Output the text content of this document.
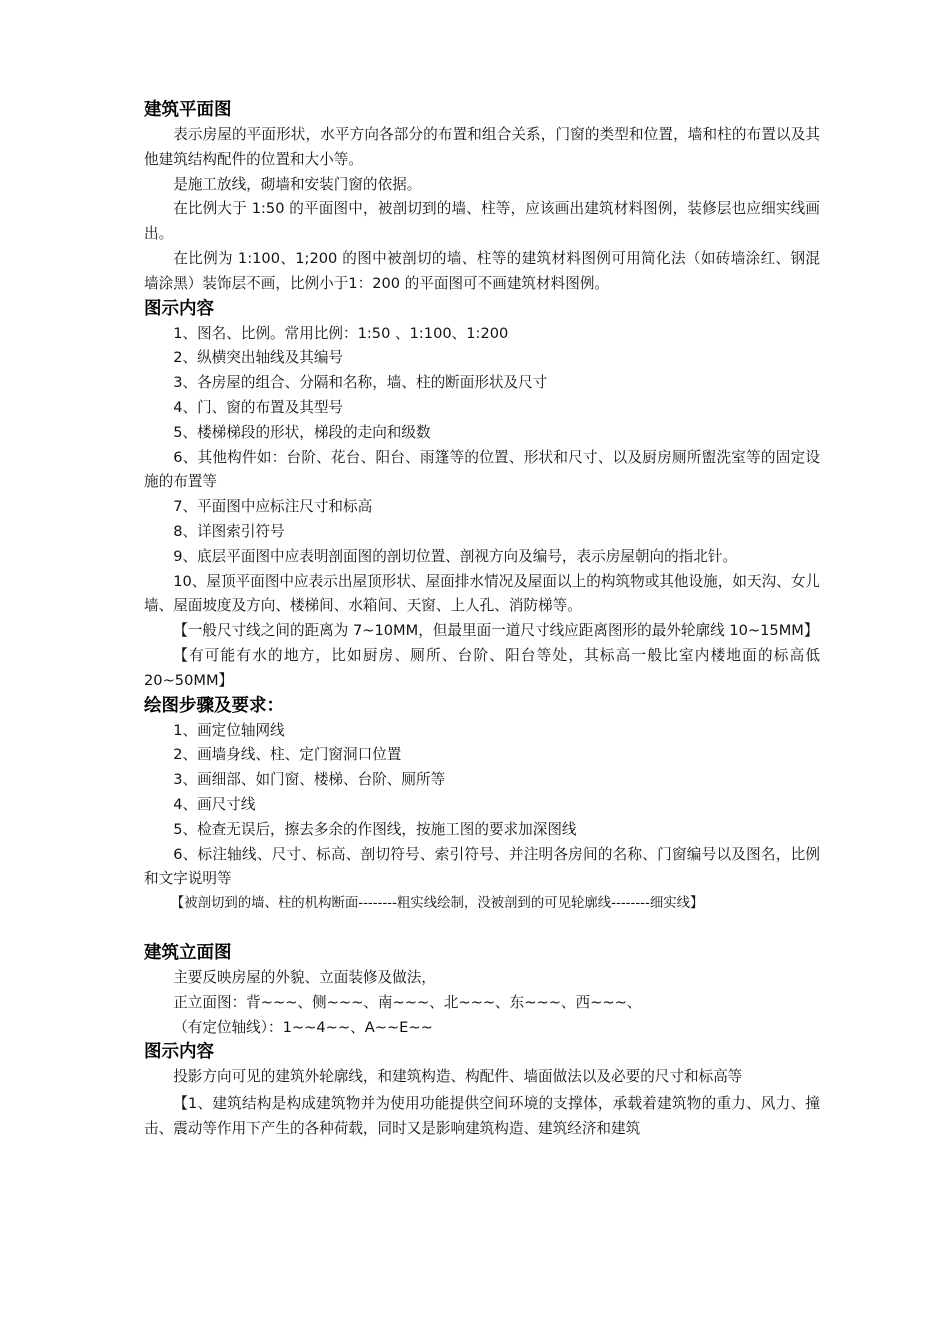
建筑平面图
表示房屋的平面形状，水平方向各部分的布置和组合关系，门窗的类型和位置，墙和柱的布置以及其他建筑结构配件的位置和大小等。
是施工放线，砌墙和安装门窗的依据。
在比例大于 1:50 的平面图中，被剖切到的墙、柱等，应该画出建筑材料图例，装修层也应细实线画出。
在比例为 1:100、1;200 的图中被剖切的墙、柱等的建筑材料图例可用简化法（如砖墙涂红、钢混墙涂黑）装饰层不画，比例小于1：200 的平面图可不画建筑材料图例。
图示内容
1、图名、比例。常用比例：1:50 、1:100、1:200
2、纵横突出轴线及其编号
3、各房屋的组合、分隔和名称，墙、柱的断面形状及尺寸
4、门、窗的布置及其型号
5、楼梯梯段的形状，梯段的走向和级数
6、其他构件如：台阶、花台、阳台、雨篷等的位置、形状和尺寸、以及厨房厕所盥洗室等的固定设施的布置等
7、平面图中应标注尺寸和标高
8、详图索引符号
9、底层平面图中应表明剖面图的剖切位置、剖视方向及编号，表示房屋朝向的指北针。
10、屋顶平面图中应表示出屋顶形状、屋面排水情况及屋面以上的构筑物或其他设施，如天沟、女儿墙、屋面坡度及方向、楼梯间、水箱间、天窗、上人孔、消防梯等。
【一般尺寸线之间的距离为 7~10MM，但最里面一道尺寸线应距离图形的最外轮廓线 10~15MM】
【有可能有水的地方，比如厨房、厕所、台阶、阳台等处，其标高一般比室内楼地面的标高低 20~50MM】
绘图步骤及要求：
1、画定位轴网线
2、画墙身线、柱、定门窗洞口位置
3、画细部、如门窗、楼梯、台阶、厕所等
4、画尺寸线
5、检查无误后，擦去多余的作图线，按施工图的要求加深图线
6、标注轴线、尺寸、标高、剖切符号、索引符号、并注明各房间的名称、门窗编号以及图名，比例和文字说明等
【被剖切到的墙、柱的机构断面--------粗实线绘制，没被剖到的可见轮廓线--------细实线】
建筑立面图
主要反映房屋的外貌、立面装修及做法，
正立面图：背~~~、侧~~~、南~~~、北~~~、东~~~、西~~~、
（有定位轴线）：1~~4~~、A~~E~~
图示内容
投影方向可见的建筑外轮廓线，和建筑构造、构配件、墙面做法以及必要的尺寸和标高等
【1、建筑结构是构成建筑物并为使用功能提供空间环境的支撑体，承载着建筑物的重力、风力、撞击、震动等作用下产生的各种荷载，同时又是影响建筑构造、建筑经济和建筑
